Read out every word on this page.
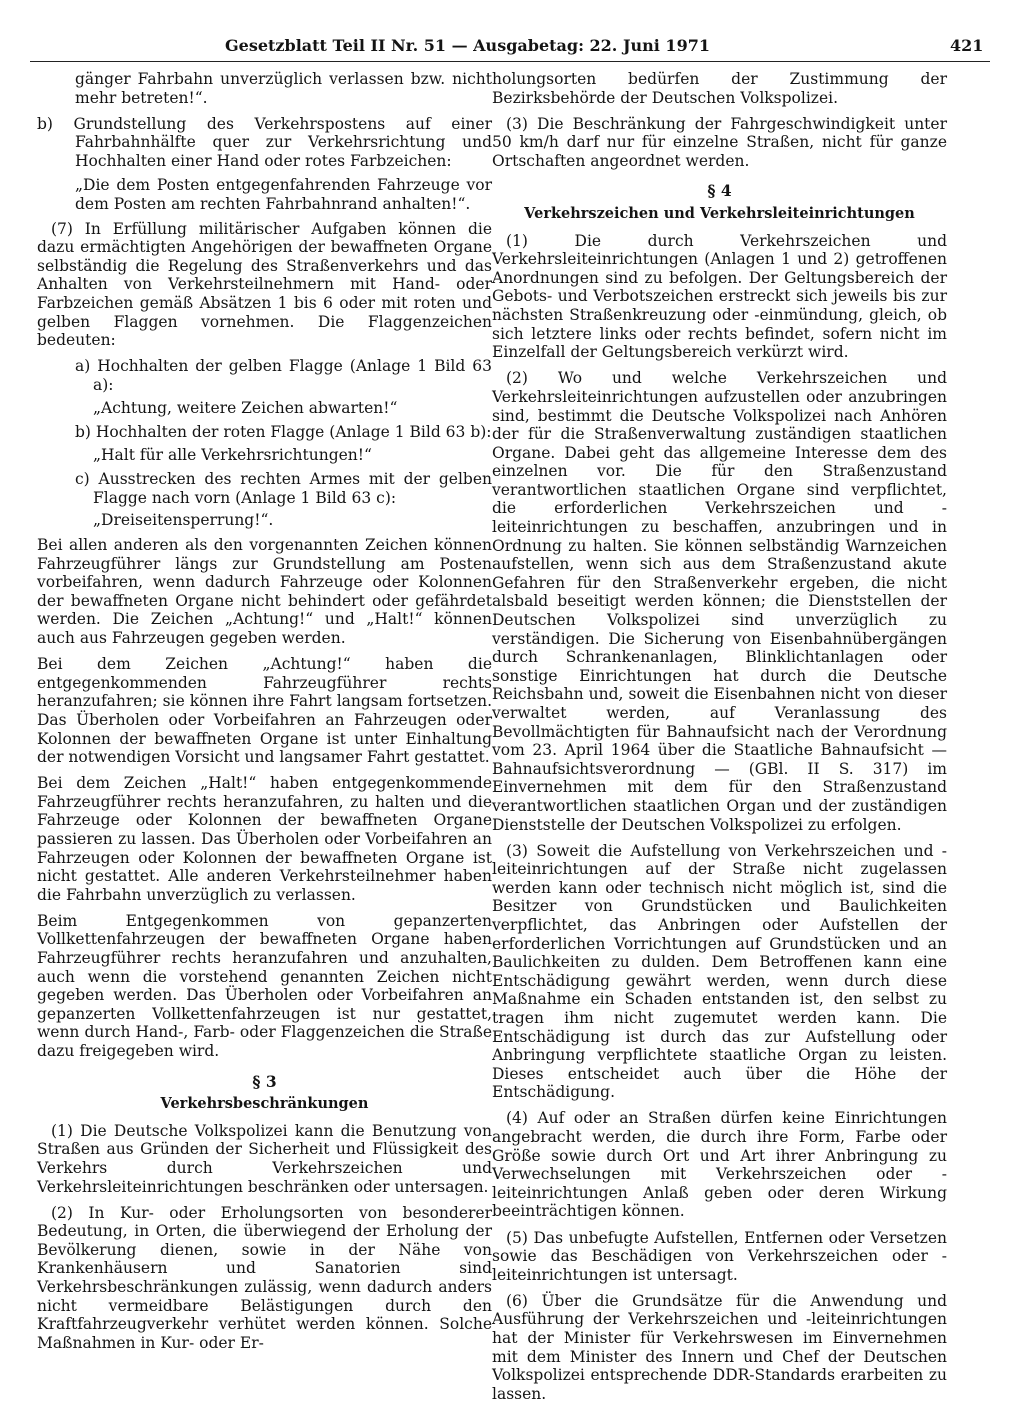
Gesetzblatt Teil II Nr. 51 — Ausgabetag: 22. Juni 1971	421

gänger Fahrbahn unverzüglich verlassen bzw. nicht mehr betreten!“.

b) Grundstellung des Verkehrspostens auf einer Fahrbahnhälfte quer zur Verkehrsrichtung und Hochhalten einer Hand oder rotes Farbzeichen:

„Die dem Posten entgegenfahrenden Fahrzeuge vor dem Posten am rechten Fahrbahnrand anhalten!“.

(7) In Erfüllung militärischer Aufgaben können die dazu ermächtigten Angehörigen der bewaffneten Organe selbständig die Regelung des Straßenverkehrs und das Anhalten von Verkehrsteilnehmern mit Hand- oder Farbzeichen gemäß Absätzen 1 bis 6 oder mit roten und gelben Flaggen vornehmen. Die Flaggenzeichen bedeuten:

a) Hochhalten der gelben Flagge (Anlage 1 Bild 63 a):

„Achtung, weitere Zeichen abwarten!“

b) Hochhalten der roten Flagge (Anlage 1 Bild 63 b):

„Halt für alle Verkehrsrichtungen!“

c) Ausstrecken des rechten Armes mit der gelben Flagge nach vorn (Anlage 1 Bild 63 c):

„Dreiseitensperrung!“.

Bei allen anderen als den vorgenannten Zeichen können Fahrzeugführer längs zur Grundstellung am Posten vorbeifahren, wenn dadurch Fahrzeuge oder Kolonnen der bewaffneten Organe nicht behindert oder gefährdet werden. Die Zeichen „Achtung!“ und „Halt!“ können auch aus Fahrzeugen gegeben werden.

Bei dem Zeichen „Achtung!“ haben die entgegenkommenden Fahrzeugführer rechts heranzufahren; sie können ihre Fahrt langsam fortsetzen. Das Überholen oder Vorbeifahren an Fahrzeugen oder Kolonnen der bewaffneten Organe ist unter Einhaltung der notwendigen Vorsicht und langsamer Fahrt gestattet.

Bei dem Zeichen „Halt!“ haben entgegenkommende Fahrzeugführer rechts heranzufahren, zu halten und die Fahrzeuge oder Kolonnen der bewaffneten Organe passieren zu lassen. Das Überholen oder Vorbeifahren an Fahrzeugen oder Kolonnen der bewaffneten Organe ist nicht gestattet. Alle anderen Verkehrsteilnehmer haben die Fahrbahn unverzüglich zu verlassen.

Beim Entgegenkommen von gepanzerten Vollkettenfahrzeugen der bewaffneten Organe haben Fahrzeugführer rechts heranzufahren und anzuhalten, auch wenn die vorstehend genannten Zeichen nicht gegeben werden. Das Überholen oder Vorbeifahren an gepanzerten Vollkettenfahrzeugen ist nur gestattet, wenn durch Hand-, Farb- oder Flaggenzeichen die Straße dazu freigegeben wird.

§ 3
Verkehrsbeschränkungen

(1) Die Deutsche Volkspolizei kann die Benutzung von Straßen aus Gründen der Sicherheit und Flüssigkeit des Verkehrs durch Verkehrszeichen und Verkehrsleiteinrichtungen beschränken oder untersagen.

(2) In Kur- oder Erholungsorten von besonderer Bedeutung, in Orten, die überwiegend der Erholung der Bevölkerung dienen, sowie in der Nähe von Krankenhäusern und Sanatorien sind Verkehrsbeschränkungen zulässig, wenn dadurch anders nicht vermeidbare Belästigungen durch den Kraftfahrzeugverkehr verhütet werden können. Solche Maßnahmen in Kur- oder Er-

holungsorten bedürfen der Zustimmung der Bezirksbehörde der Deutschen Volkspolizei.

(3) Die Beschränkung der Fahrgeschwindigkeit unter 50 km/h darf nur für einzelne Straßen, nicht für ganze Ortschaften angeordnet werden.

§ 4
Verkehrszeichen und Verkehrsleiteinrichtungen

(1) Die durch Verkehrszeichen und Verkehrsleiteinrichtungen (Anlagen 1 und 2) getroffenen Anordnungen sind zu befolgen. Der Geltungsbereich der Gebots- und Verbotszeichen erstreckt sich jeweils bis zur nächsten Straßenkreuzung oder -einmündung, gleich, ob sich letztere links oder rechts befindet, sofern nicht im Einzelfall der Geltungsbereich verkürzt wird.

(2) Wo und welche Verkehrszeichen und Verkehrsleiteinrichtungen aufzustellen oder anzubringen sind, bestimmt die Deutsche Volkspolizei nach Anhören der für die Straßenverwaltung zuständigen staatlichen Organe. Dabei geht das allgemeine Interesse dem des einzelnen vor. Die für den Straßenzustand verantwortlichen staatlichen Organe sind verpflichtet, die erforderlichen Verkehrszeichen und -leiteinrichtungen zu beschaffen, anzubringen und in Ordnung zu halten. Sie können selbständig Warnzeichen aufstellen, wenn sich aus dem Straßenzustand akute Gefahren für den Straßenverkehr ergeben, die nicht alsbald beseitigt werden können; die Dienststellen der Deutschen Volkspolizei sind unverzüglich zu verständigen. Die Sicherung von Eisenbahnübergängen durch Schrankenanlagen, Blinklichtanlagen oder sonstige Einrichtungen hat durch die Deutsche Reichsbahn und, soweit die Eisenbahnen nicht von dieser verwaltet werden, auf Veranlassung des Bevollmächtigten für Bahnaufsicht nach der Verordnung vom 23. April 1964 über die Staatliche Bahnaufsicht — Bahnaufsichtsverordnung — (GBl. II S. 317) im Einvernehmen mit dem für den Straßenzustand verantwortlichen staatlichen Organ und der zuständigen Dienststelle der Deutschen Volkspolizei zu erfolgen.

(3) Soweit die Aufstellung von Verkehrszeichen und -leiteinrichtungen auf der Straße nicht zugelassen werden kann oder technisch nicht möglich ist, sind die Besitzer von Grundstücken und Baulichkeiten verpflichtet, das Anbringen oder Aufstellen der erforderlichen Vorrichtungen auf Grundstücken und an Baulichkeiten zu dulden. Dem Betroffenen kann eine Entschädigung gewährt werden, wenn durch diese Maßnahme ein Schaden entstanden ist, den selbst zu tragen ihm nicht zugemutet werden kann. Die Entschädigung ist durch das zur Aufstellung oder Anbringung verpflichtete staatliche Organ zu leisten. Dieses entscheidet auch über die Höhe der Entschädigung.

(4) Auf oder an Straßen dürfen keine Einrichtungen angebracht werden, die durch ihre Form, Farbe oder Größe sowie durch Ort und Art ihrer Anbringung zu Verwechselungen mit Verkehrszeichen oder -leiteinrichtungen Anlaß geben oder deren Wirkung beeinträchtigen können.

(5) Das unbefugte Aufstellen, Entfernen oder Versetzen sowie das Beschädigen von Verkehrszeichen oder -leiteinrichtungen ist untersagt.

(6) Über die Grundsätze für die Anwendung und Ausführung der Verkehrszeichen und -leiteinrichtungen hat der Minister für Verkehrswesen im Einvernehmen mit dem Minister des Innern und Chef der Deutschen Volkspolizei entsprechende DDR-Standards erarbeiten zu lassen.
